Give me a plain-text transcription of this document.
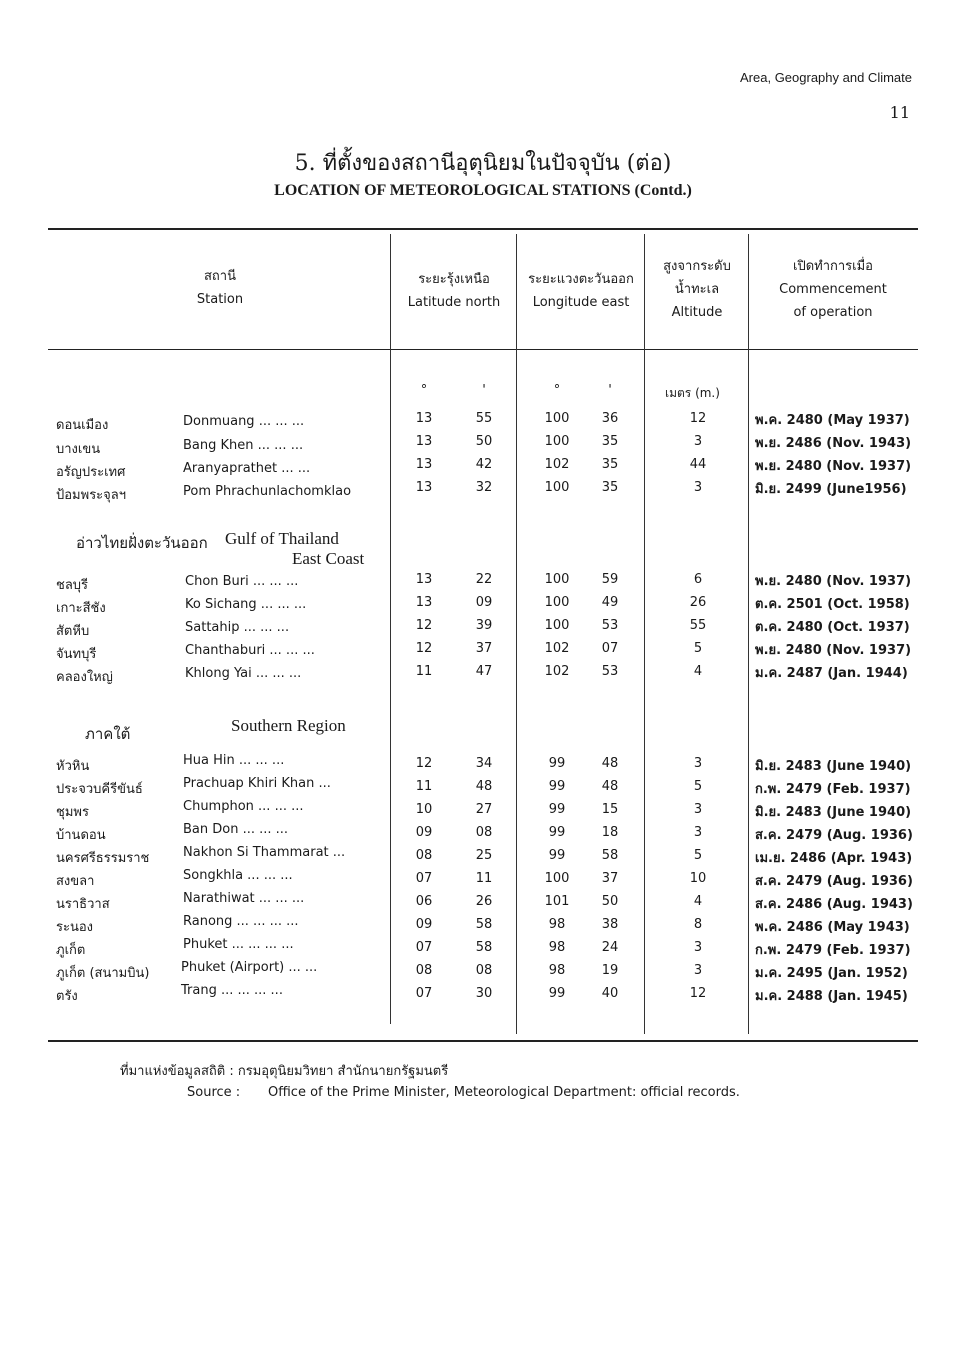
Area, Geography and Climate
11
5. ที่ตั้งของสถานีอุตุนิยมในปัจจุบัน (ต่อ)
LOCATION OF METEOROLOGICAL STATIONS (Contd.)
สถานี
Station
ระยะรุ้งเหนือ
Latitude north
ระยะแวงตะวันออก
Longitude east
สูงจากระดับ
น้ำทะเล
Altitude
เปิดทำการเมื่อ
Commencement
of operation
°	'	°	'	เมตร (m.)
ดอนเมือง	Donmuang ... ... ...	13	55	100	36	12	พ.ค. 2480 (May 1937)
บางเขน	Bang Khen ... ... ...	13	50	100	35	3	พ.ย. 2486 (Nov. 1943)
อรัญประเทศ	Aranyaprathet ... ...	13	42	102	35	44	พ.ย. 2480 (Nov. 1937)
ป้อมพระจุลฯ	Pom Phrachunlachomklao	13	32	100	35	3	มิ.ย. 2499 (June1956)
อ่าวไทยฝั่งตะวันออก Gulf of Thailand
East Coast
ชลบุรี	Chon Buri ... ... ...	13	22	100	59	6	พ.ย. 2480 (Nov. 1937)
เกาะสีชัง	Ko Sichang ... ... ...	13	09	100	49	26	ต.ค. 2501 (Oct. 1958)
สัตหีบ	Sattahip ... ... ...	12	39	100	53	55	ต.ค. 2480 (Oct. 1937)
จันทบุรี	Chanthaburi ... ... ...	12	37	102	07	5	พ.ย. 2480 (Nov. 1937)
คลองใหญ่	Khlong Yai ... ... ...	11	47	102	53	4	ม.ค. 2487 (Jan. 1944)
ภาคใต้	Southern Region
หัวหิน	Hua Hin ... ... ...	12	34	99	48	3	มิ.ย. 2483 (June 1940)
ประจวบคีรีขันธ์	Prachuap Khiri Khan ...	11	48	99	48	5	ก.พ. 2479 (Feb. 1937)
ชุมพร	Chumphon ... ... ...	10	27	99	15	3	มิ.ย. 2483 (June 1940)
บ้านดอน	Ban Don ... ... ...	09	08	99	18	3	ส.ค. 2479 (Aug. 1936)
นครศรีธรรมราช	Nakhon Si Thammarat ...	08	25	99	58	5	เม.ย. 2486 (Apr. 1943)
สงขลา	Songkhla ... ... ...	07	11	100	37	10	ส.ค. 2479 (Aug. 1936)
นราธิวาส	Narathiwat ... ... ...	06	26	101	50	4	ส.ค. 2486 (Aug. 1943)
ระนอง	Ranong ... ... ... ...	09	58	98	38	8	พ.ค. 2486 (May 1943)
ภูเก็ต	Phuket ... ... ... ...	07	58	98	24	3	ก.พ. 2479 (Feb. 1937)
ภูเก็ต (สนามบิน) Phuket (Airport) ... ...	08	08	98	19	3	ม.ค. 2495 (Jan. 1952)
ตรัง	Trang ... ... ... ...	07	30	99	40	12	ม.ค. 2488 (Jan. 1945)
ที่มาแห่งข้อมูลสถิติ : กรมอุตุนิยมวิทยา สำนักนายกรัฐมนตรี
Source : Office of the Prime Minister, Meteorological Department: official records.
